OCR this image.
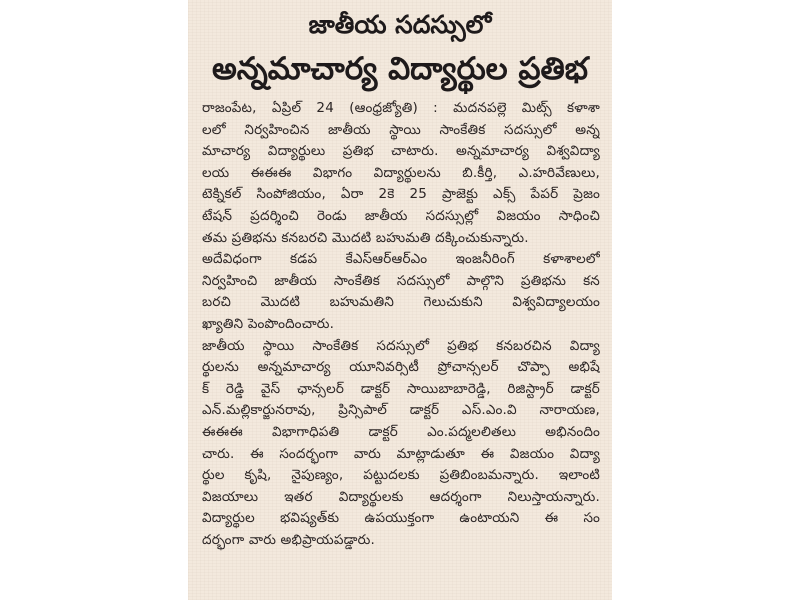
జాతీయ సదస్సులో
అన్నమాచార్య విద్యార్థుల ప్రతిభ
రాజంపేట, ఏప్రిల్ 24 (ఆంధ్రజ్యోతి) : మదనపల్లె మిట్స్ కళాశా
లలో నిర్వహించిన జాతీయ స్థాయి సాంకేతిక సదస్సులో అన్న
మాచార్య విద్యార్థులు ప్రతిభ చాటారు. అన్నమాచార్య విశ్వవిద్యా
లయ ఈఈఈ విభాగం విద్యార్థులను బి.కీర్తి, ఎ.హరివేణులు,
టెక్నికల్ సింపోజియం, ఏరా 2కె 25 ప్రాజెక్టు ఎక్స్ పేపర్ ప్రెజం
టేషన్ ప్రదర్శించి రెండు జాతీయ సదస్సుల్లో విజయం సాధించి
తమ ప్రతిభను కనబరచి మొదటి బహుమతి దక్కించుకున్నారు.
అదేవిధంగా కడప కేఎస్ఆర్ఆర్ఎం ఇంజనీరింగ్ కళాశాలలో
నిర్వహించి జాతీయ సాంకేతిక సదస్సులో పాల్గొని ప్రతిభను కన
బరచి మొదటి బహుమతిని గెలుచుకుని విశ్వవిద్యాలయం
ఖ్యాతిని పెంపొందించారు.
జాతీయ స్థాయి సాంకేతిక సదస్సులో ప్రతిభ కనబరచిన విద్యా
ర్థులను అన్నమాచార్య యూనివర్సిటీ ప్రోచాన్సలర్ చొప్పా అభిషే
క్ రెడ్డి వైస్ ఛాన్సలర్ డాక్టర్ సాయిబాబారెడ్డి, రిజిస్ట్రార్ డాక్టర్
ఎన్.మల్లికార్జునరావు, ప్రిన్సిపాల్ డాక్టర్ ఎస్.ఎం.వి నారాయణ,
ఈఈఈ విభాగాధిపతి డాక్టర్ ఎం.పద్మలలితలు అభినందిం
చారు. ఈ సందర్భంగా వారు మాట్లాడుతూ ఈ విజయం విద్యా
ర్థుల కృషి, నైపుణ్యం, పట్టుదలకు ప్రతిబింబమన్నారు. ఇలాంటి
విజయాలు ఇతర విద్యార్థులకు ఆదర్శంగా నిలుస్తాయన్నారు.
విద్యార్థుల భవిష్యత్‌కు ఉపయుక్తంగా ఉంటాయని ఈ సం
దర్భంగా వారు అభిప్రాయపడ్డారు.
